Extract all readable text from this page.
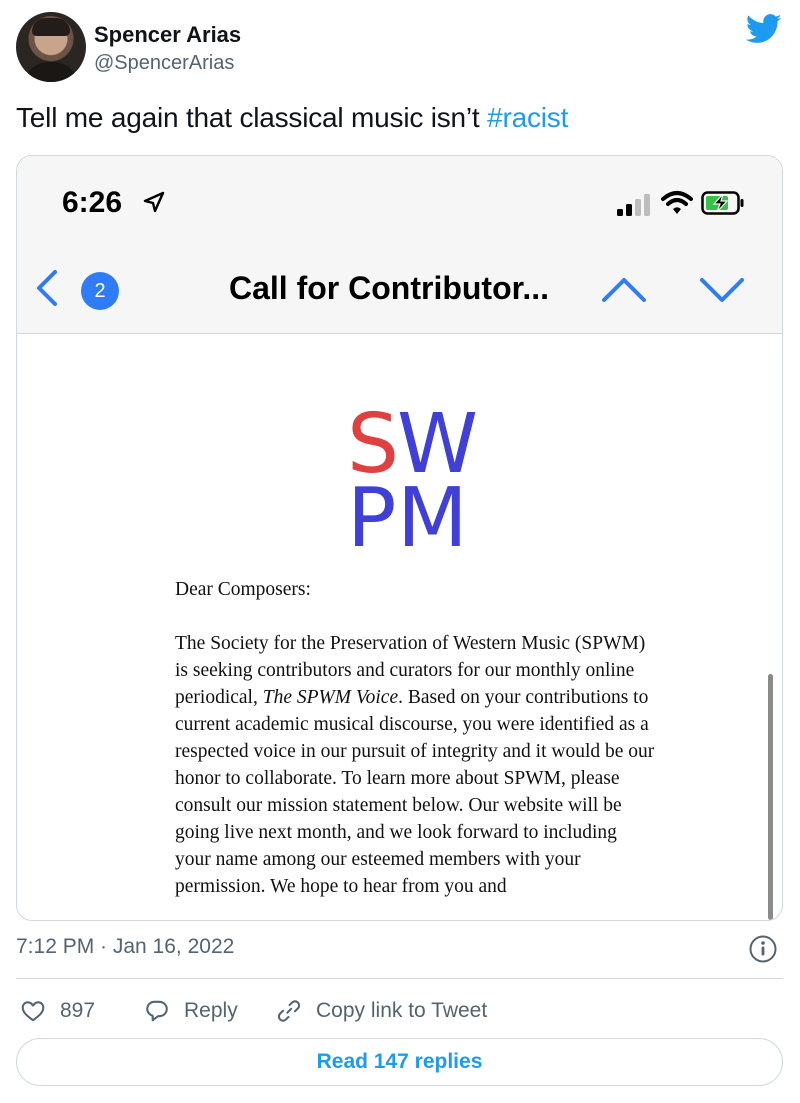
Spencer Arias
@SpencerArias
Tell me again that classical music isn’t #racist
6:26
2	Call for Contributor...
S
W
P M
Dear Composers:
The Society for the Preservation of Western Music (SPWM) is seeking contributors and curators for our monthly online periodical, The SPWM Voice. Based on your contributions to current academic musical discourse, you were identified as a respected voice in our pursuit of integrity and it would be our honor to collaborate. To learn more about SPWM, please consult our mission statement below. Our website will be going live next month, and we look forward to including your name among our esteemed members with your permission. We hope to hear from you and
7:12 PM · Jan 16, 2022
897	Reply	Copy link to Tweet
Read 147 replies
